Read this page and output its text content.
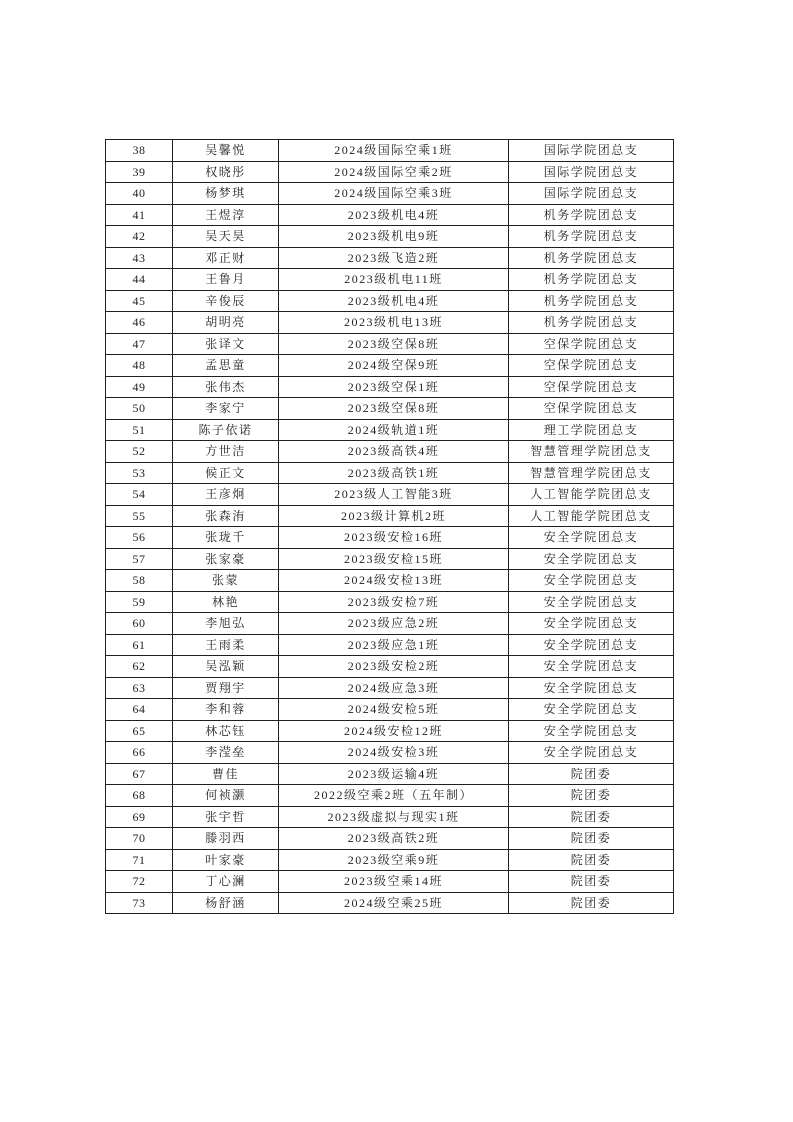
38	吴馨悦	2024级国际空乘1班	国际学院团总支
39	权晓彤	2024级国际空乘2班	国际学院团总支
40	杨梦琪	2024级国际空乘3班	国际学院团总支
41	王煜淳	2023级机电4班	机务学院团总支
42	吴天昊	2023级机电9班	机务学院团总支
43	邓正财	2023级飞造2班	机务学院团总支
44	王鲁月	2023级机电11班	机务学院团总支
45	辛俊辰	2023级机电4班	机务学院团总支
46	胡明亮	2023级机电13班	机务学院团总支
47	张译文	2023级空保8班	空保学院团总支
48	孟思童	2024级空保9班	空保学院团总支
49	张伟杰	2023级空保1班	空保学院团总支
50	李家宁	2023级空保8班	空保学院团总支
51	陈子依诺	2024级轨道1班	理工学院团总支
52	方世洁	2023级高铁4班	智慧管理学院团总支
53	候正文	2023级高铁1班	智慧管理学院团总支
54	王彦炯	2023级人工智能3班	人工智能学院团总支
55	张森洧	2023级计算机2班	人工智能学院团总支
56	张珑千	2023级安检16班	安全学院团总支
57	张家豪	2023级安检15班	安全学院团总支
58	张蒙	2024级安检13班	安全学院团总支
59	林艳	2023级安检7班	安全学院团总支
60	李旭弘	2023级应急2班	安全学院团总支
61	王雨柔	2023级应急1班	安全学院团总支
62	吴泓颖	2023级安检2班	安全学院团总支
63	贾翔宇	2024级应急3班	安全学院团总支
64	李和蓉	2024级安检5班	安全学院团总支
65	林芯钰	2024级安检12班	安全学院团总支
66	李滢垒	2024级安检3班	安全学院团总支
67	曹佳	2023级运输4班	院团委
68	何祯灏	2022级空乘2班（五年制）	院团委
69	张宇哲	2023级虚拟与现实1班	院团委
70	滕羽西	2023级高铁2班	院团委
71	叶家豪	2023级空乘9班	院团委
72	丁心澜	2023级空乘14班	院团委
73	杨舒涵	2024级空乘25班	院团委
